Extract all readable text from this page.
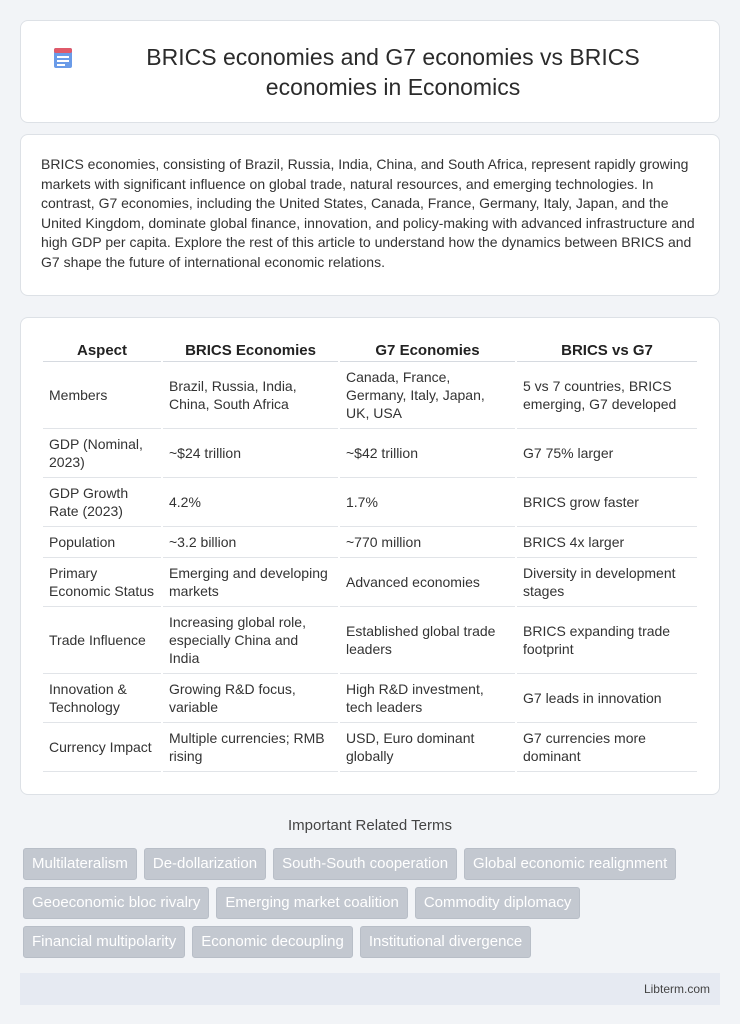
BRICS economies and G7 economies vs BRICS economies in Economics

BRICS economies, consisting of Brazil, Russia, India, China, and South Africa, represent rapidly growing markets with significant influence on global trade, natural resources, and emerging technologies. In contrast, G7 economies, including the United States, Canada, France, Germany, Italy, Japan, and the United Kingdom, dominate global finance, innovation, and policy-making with advanced infrastructure and high GDP per capita. Explore the rest of this article to understand how the dynamics between BRICS and G7 shape the future of international economic relations.

Aspect	BRICS Economies	G7 Economies	BRICS vs G7
Members	Brazil, Russia, India, China, South Africa	Canada, France, Germany, Italy, Japan, UK, USA	5 vs 7 countries, BRICS emerging, G7 developed
GDP (Nominal, 2023)	~$24 trillion	~$42 trillion	G7 75% larger
GDP Growth Rate (2023)	4.2%	1.7%	BRICS grow faster
Population	~3.2 billion	~770 million	BRICS 4x larger
Primary Economic Status	Emerging and developing markets	Advanced economies	Diversity in development stages
Trade Influence	Increasing global role, especially China and India	Established global trade leaders	BRICS expanding trade footprint
Innovation & Technology	Growing R&D focus, variable	High R&D investment, tech leaders	G7 leads in innovation
Currency Impact	Multiple currencies; RMB rising	USD, Euro dominant globally	G7 currencies more dominant
Important Related Terms
Multilateralism	De-dollarization	South-South cooperation	Global economic realignment
Geoeconomic bloc rivalry	Emerging market coalition	Commodity diplomacy
Financial multipolarity	Economic decoupling	Institutional divergence
Libterm.com
